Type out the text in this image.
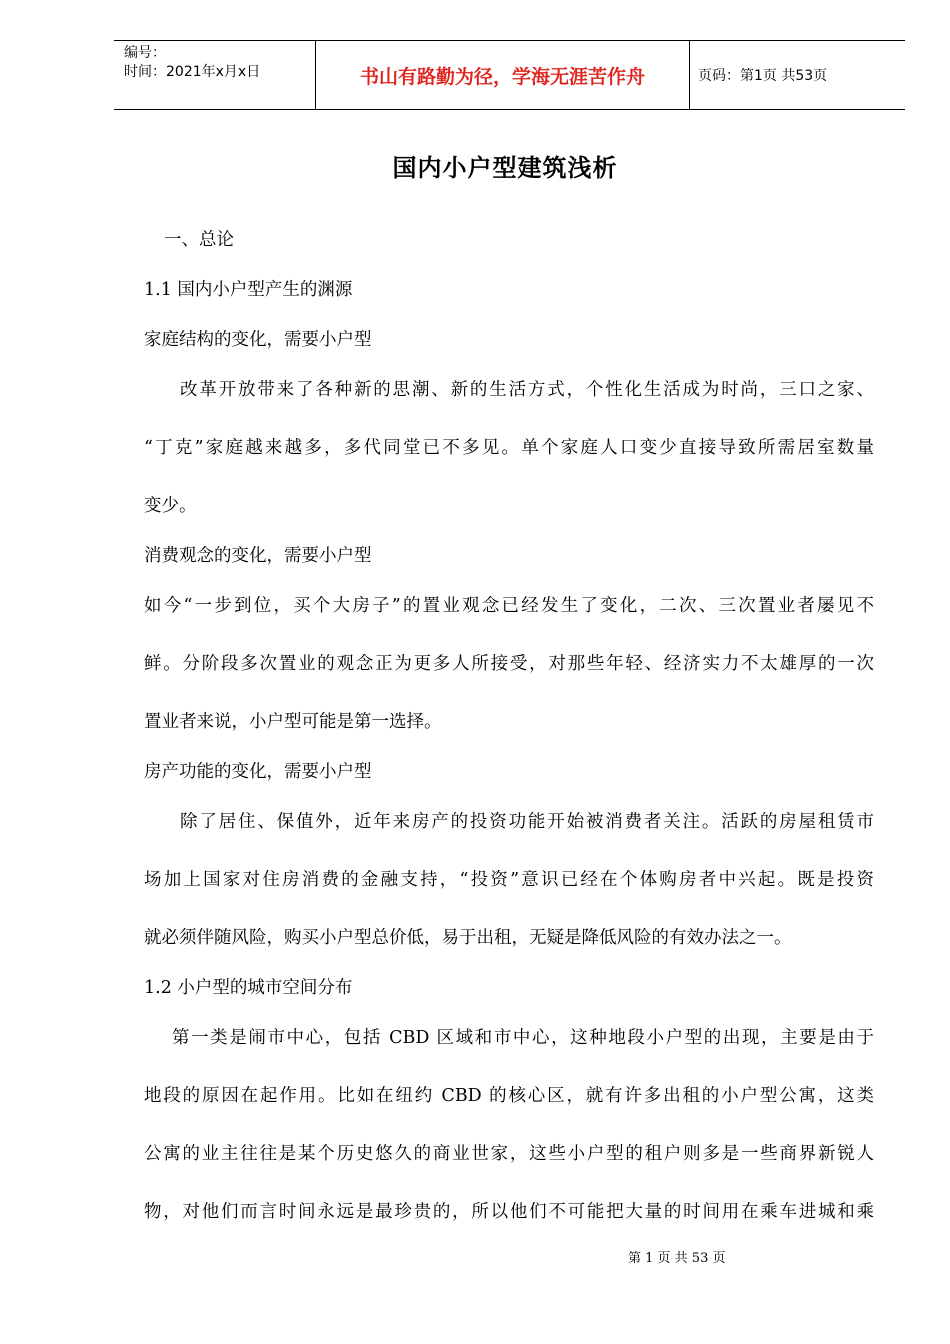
编号：
时间：2021年x月x日	书山有路勤为径，学海无涯苦作舟	页码：第1页 共53页
国内小户型建筑浅析
一、总论
1.1 国内小户型产生的渊源
家庭结构的变化，需要小户型
改革开放带来了各种新的思潮、新的生活方式，个性化生活成为时尚，三口之家、
“丁克”家庭越来越多，多代同堂已不多见。单个家庭人口变少直接导致所需居室数量
变少。
消费观念的变化，需要小户型
如今“一步到位，买个大房子”的置业观念已经发生了变化，二次、三次置业者屡见不
鲜。分阶段多次置业的观念正为更多人所接受，对那些年轻、经济实力不太雄厚的一次
置业者来说，小户型可能是第一选择。
房产功能的变化，需要小户型
除了居住、保值外，近年来房产的投资功能开始被消费者关注。活跃的房屋租赁市
场加上国家对住房消费的金融支持，“投资”意识已经在个体购房者中兴起。既是投资
就必须伴随风险，购买小户型总价低，易于出租，无疑是降低风险的有效办法之一。
1.2 小户型的城市空间分布
第一类是闹市中心，包括 CBD 区域和市中心，这种地段小户型的出现，主要是由于
地段的原因在起作用。比如在纽约 CBD 的核心区，就有许多出租的小户型公寓，这类
公寓的业主往往是某个历史悠久的商业世家，这些小户型的租户则多是一些商界新锐人
物，对他们而言时间永远是最珍贵的，所以他们不可能把大量的时间用在乘车进城和乘
第 1 页 共 53 页
